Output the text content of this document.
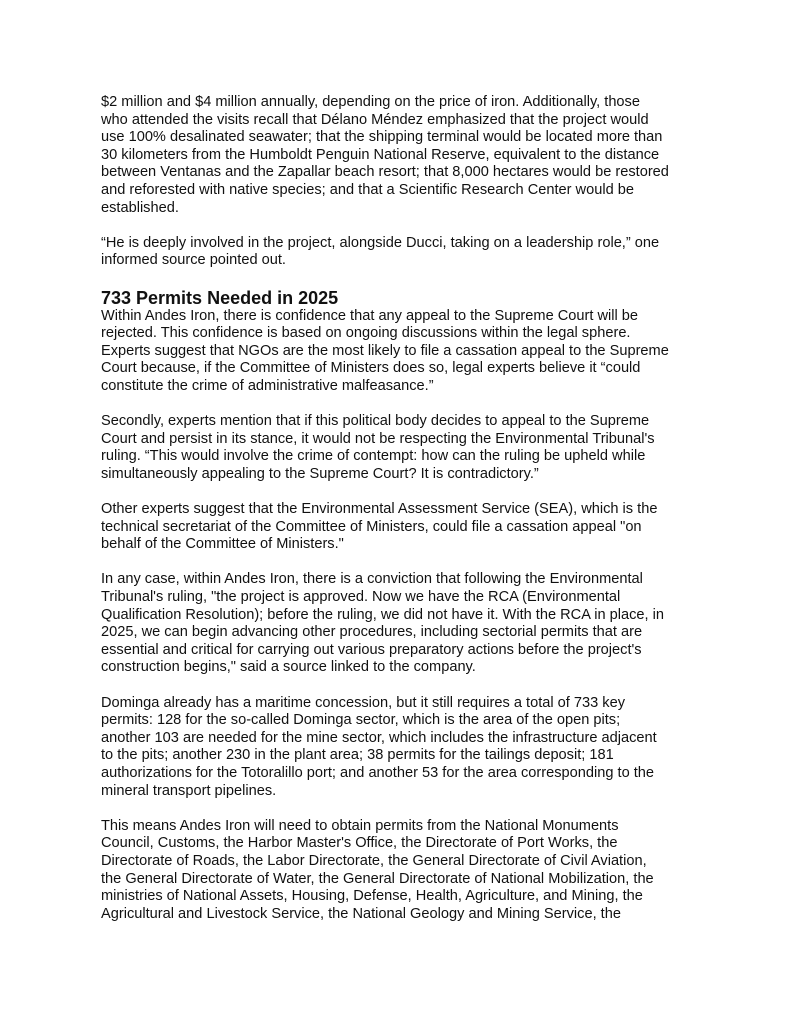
$2 million and $4 million annually, depending on the price of iron. Additionally, those
who attended the visits recall that Délano Méndez emphasized that the project would
use 100% desalinated seawater; that the shipping terminal would be located more than
30 kilometers from the Humboldt Penguin National Reserve, equivalent to the distance
between Ventanas and the Zapallar beach resort; that 8,000 hectares would be restored
and reforested with native species; and that a Scientific Research Center would be
established.

“He is deeply involved in the project, alongside Ducci, taking on a leadership role,” one
informed source pointed out.

733 Permits Needed in 2025

Within Andes Iron, there is confidence that any appeal to the Supreme Court will be
rejected. This confidence is based on ongoing discussions within the legal sphere.
Experts suggest that NGOs are the most likely to file a cassation appeal to the Supreme
Court because, if the Committee of Ministers does so, legal experts believe it “could
constitute the crime of administrative malfeasance.”

Secondly, experts mention that if this political body decides to appeal to the Supreme
Court and persist in its stance, it would not be respecting the Environmental Tribunal's
ruling. “This would involve the crime of contempt: how can the ruling be upheld while
simultaneously appealing to the Supreme Court? It is contradictory.”

Other experts suggest that the Environmental Assessment Service (SEA), which is the
technical secretariat of the Committee of Ministers, could file a cassation appeal "on
behalf of the Committee of Ministers."

In any case, within Andes Iron, there is a conviction that following the Environmental
Tribunal's ruling, "the project is approved. Now we have the RCA (Environmental
Qualification Resolution); before the ruling, we did not have it. With the RCA in place, in
2025, we can begin advancing other procedures, including sectorial permits that are
essential and critical for carrying out various preparatory actions before the project's
construction begins," said a source linked to the company.

Dominga already has a maritime concession, but it still requires a total of 733 key
permits: 128 for the so-called Dominga sector, which is the area of the open pits;
another 103 are needed for the mine sector, which includes the infrastructure adjacent
to the pits; another 230 in the plant area; 38 permits for the tailings deposit; 181
authorizations for the Totoralillo port; and another 53 for the area corresponding to the
mineral transport pipelines.

This means Andes Iron will need to obtain permits from the National Monuments
Council, Customs, the Harbor Master's Office, the Directorate of Port Works, the
Directorate of Roads, the Labor Directorate, the General Directorate of Civil Aviation,
the General Directorate of Water, the General Directorate of National Mobilization, the
ministries of National Assets, Housing, Defense, Health, Agriculture, and Mining, the
Agricultural and Livestock Service, the National Geology and Mining Service, the
